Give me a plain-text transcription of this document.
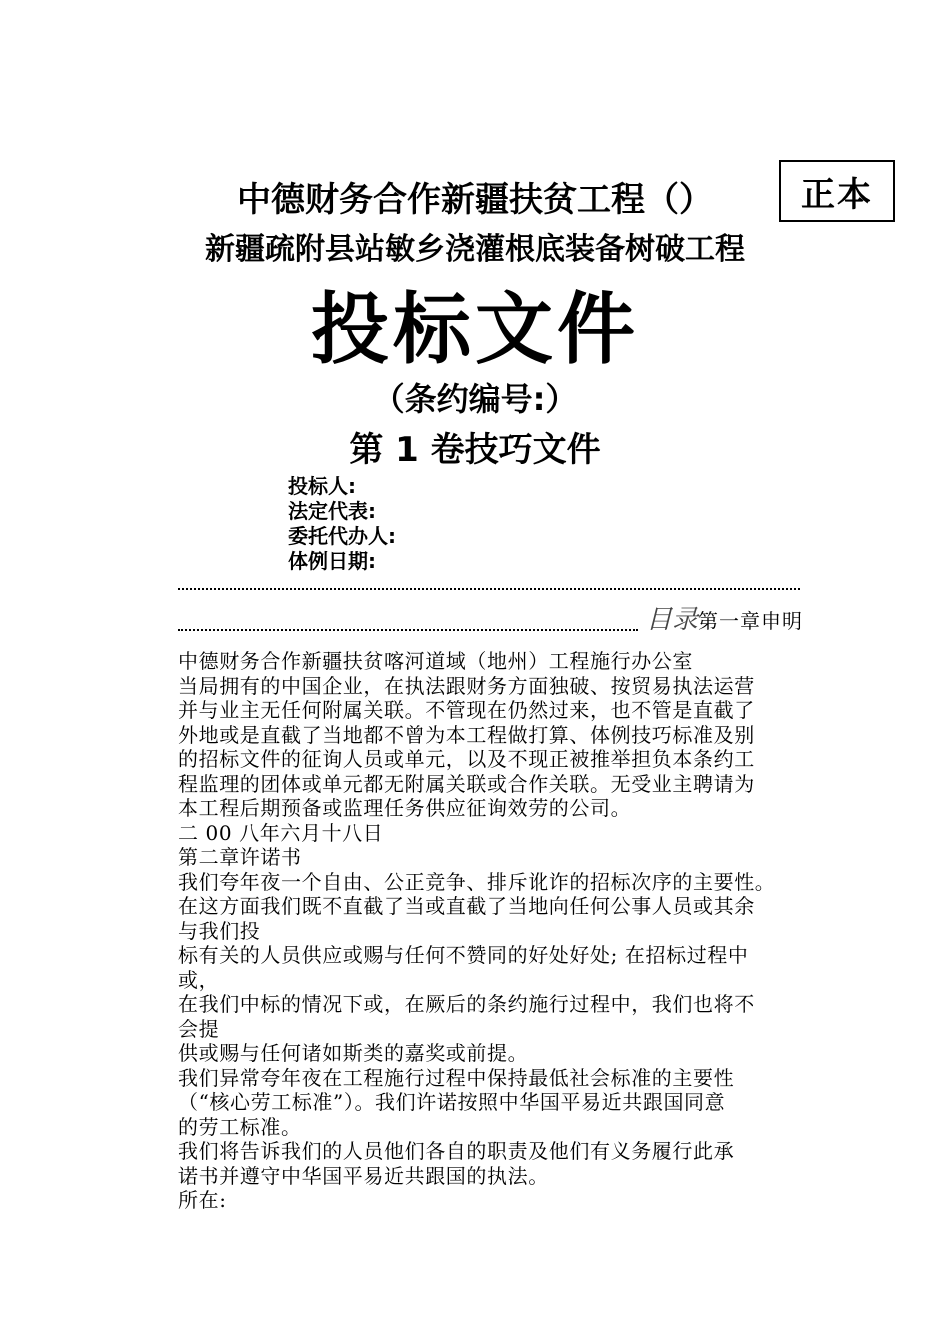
正本
中德财务合作新疆扶贫工程（）
新疆疏附县站敏乡浇灌根底装备树破工程
投标文件
（条约编号:）
第 1 卷技巧文件
投标人:
法定代表:
委托代办人:
体例日期:
目录第一章申明
中德财务合作新疆扶贫喀河道域（地州）工程施行办公室
当局拥有的中国企业，在执法跟财务方面独破、按贸易执法运营
并与业主无任何附属关联。不管现在仍然过来，也不管是直截了
外地或是直截了当地都不曾为本工程做打算、体例技巧标准及别
的招标文件的征询人员或单元，以及不现正被推举担负本条约工
程监理的团体或单元都无附属关联或合作关联。无受业主聘请为
本工程后期预备或监理任务供应征询效劳的公司。
二 00 八年六月十八日
第二章许诺书
我们夸年夜一个自由、公正竞争、排斥讹诈的招标次序的主要性。
在这方面我们既不直截了当或直截了当地向任何公事人员或其余
与我们投
标有关的人员供应或赐与任何不赞同的好处好处; 在招标过程中
或，
在我们中标的情况下或，在厥后的条约施行过程中，我们也将不
会提
供或赐与任何诸如斯类的嘉奖或前提。
我们异常夸年夜在工程施行过程中保持最低社会标准的主要性
（“核心劳工标准”）。我们许诺按照中华国平易近共跟国同意
的劳工标准。
我们将告诉我们的人员他们各自的职责及他们有义务履行此承
诺书并遵守中华国平易近共跟国的执法。
所在:
